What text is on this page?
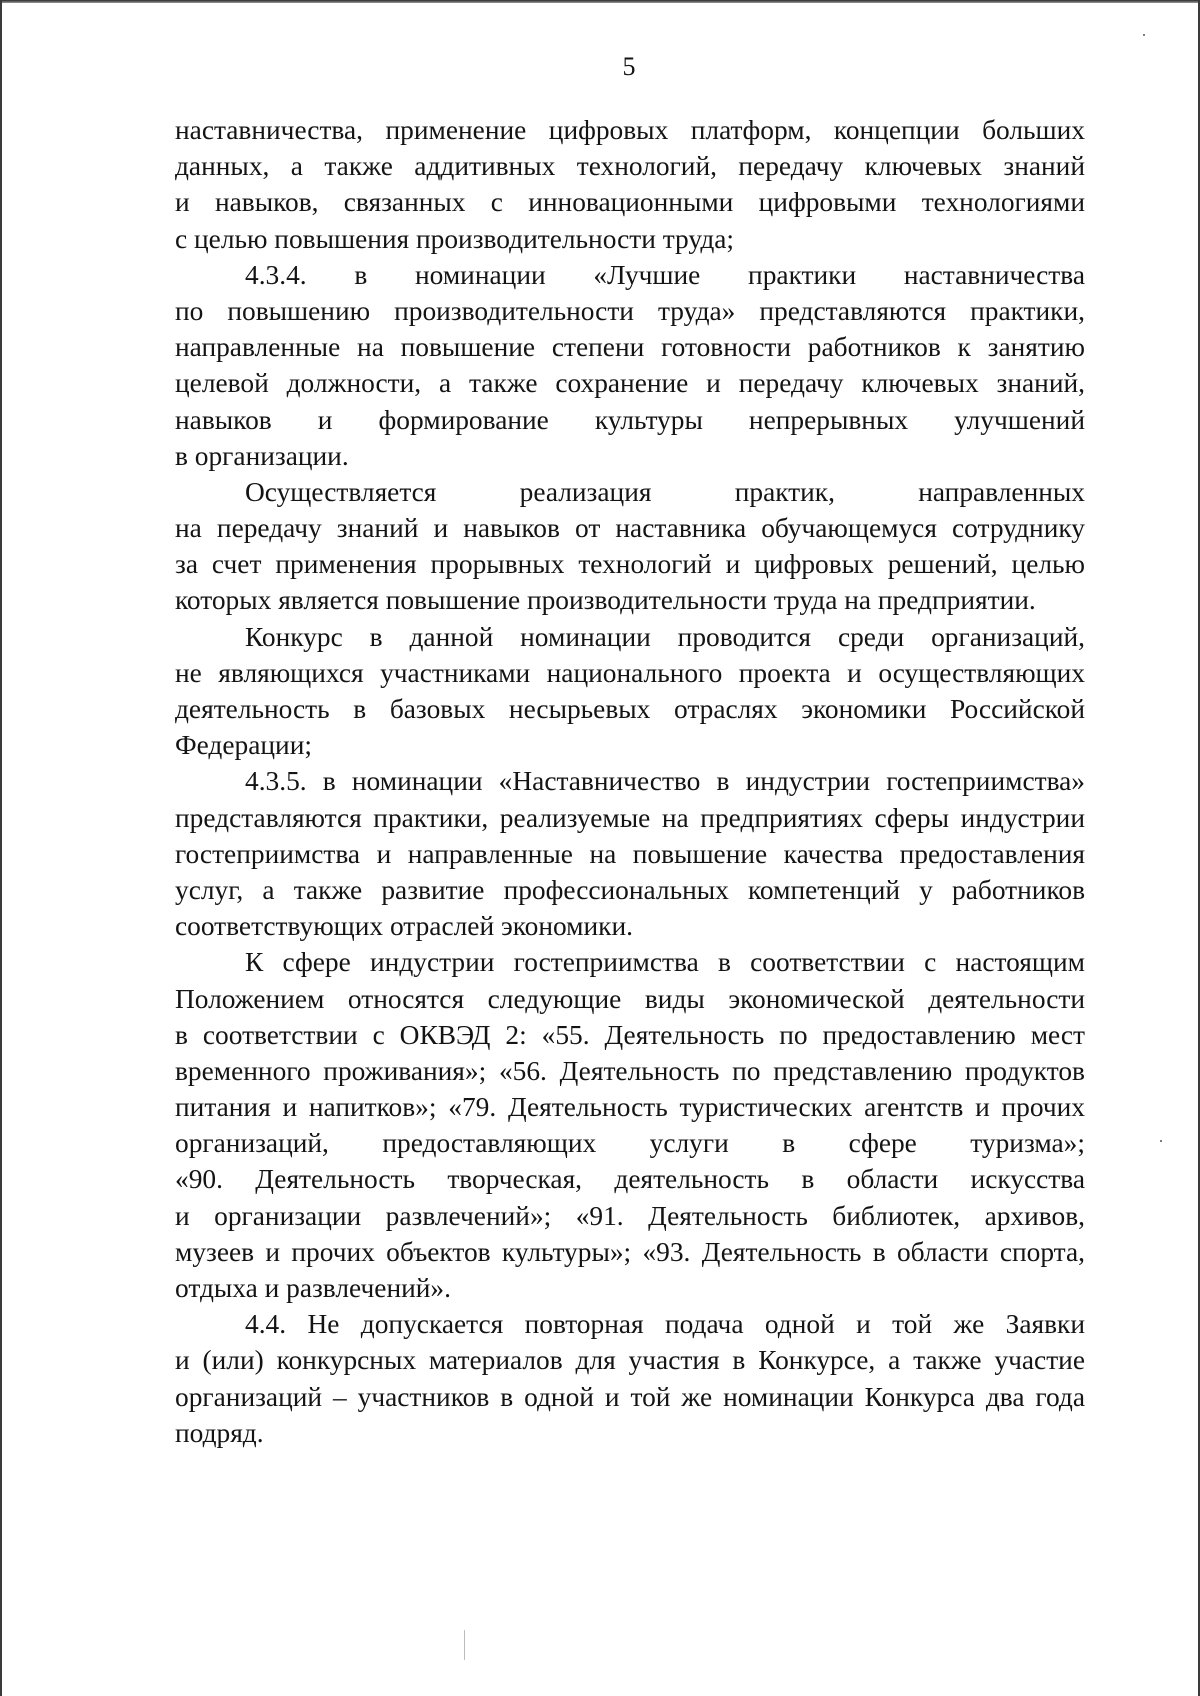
5
наставничества, применение цифровых платформ, концепции больших
данных, а также аддитивных технологий, передачу ключевых знаний
и навыков, связанных с инновационными цифровыми технологиями
с целью повышения производительности труда;
4.3.4. в номинации «Лучшие практики наставничества
по повышению производительности труда» представляются практики,
направленные на повышение степени готовности работников к занятию
целевой должности, а также сохранение и передачу ключевых знаний,
навыков и формирование культуры непрерывных улучшений
в организации.
Осуществляется реализация практик, направленных
на передачу знаний и навыков от наставника обучающемуся сотруднику
за счет применения прорывных технологий и цифровых решений, целью
которых является повышение производительности труда на предприятии.
Конкурс в данной номинации проводится среди организаций,
не являющихся участниками национального проекта и осуществляющих
деятельность в базовых несырьевых отраслях экономики Российской
Федерации;
4.3.5. в номинации «Наставничество в индустрии гостеприимства»
представляются практики, реализуемые на предприятиях сферы индустрии
гостеприимства и направленные на повышение качества предоставления
услуг, а также развитие профессиональных компетенций у работников
соответствующих отраслей экономики.
К сфере индустрии гостеприимства в соответствии с настоящим
Положением относятся следующие виды экономической деятельности
в соответствии с ОКВЭД 2: «55. Деятельность по предоставлению мест
временного проживания»; «56. Деятельность по представлению продуктов
питания и напитков»; «79. Деятельность туристических агентств и прочих
организаций, предоставляющих услуги в сфере туризма»;
«90. Деятельность творческая, деятельность в области искусства
и организации развлечений»; «91. Деятельность библиотек, архивов,
музеев и прочих объектов культуры»; «93. Деятельность в области спорта,
отдыха и развлечений».
4.4. Не допускается повторная подача одной и той же Заявки
и (или) конкурсных материалов для участия в Конкурсе, а также участие
организаций – участников в одной и той же номинации Конкурса два года
подряд.
